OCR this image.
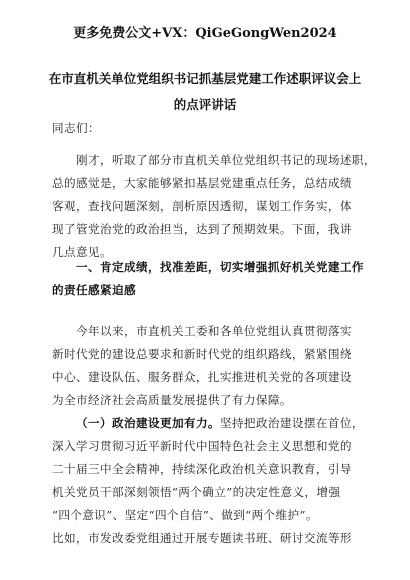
更多免费公文+VX：QiGeGongWen2024
在市直机关单位党组织书记抓基层党建工作述职评议会上
的点评讲话
同志们：
刚才，听取了部分市直机关单位党组织书记的现场述职，
总的感觉是，大家能够紧扣基层党建重点任务，总结成绩
客观，查找问题深刻，剖析原因透彻，谋划工作务实，体
现了管党治党的政治担当，达到了预期效果。下面，我讲
几点意见。
一、肯定成绩，找准差距，切实增强抓好机关党建工作
的责任感紧迫感
今年以来，市直机关工委和各单位党组认真贯彻落实
新时代党的建设总要求和新时代党的组织路线，紧紧围绕
中心、建设队伍、服务群众，扎实推进机关党的各项建设
为全市经济社会高质量发展提供了有力保障。
（一）政治建设更加有力。坚持把政治建设摆在首位，
深入学习贯彻习近平新时代中国特色社会主义思想和党的
二十届三中全会精神，持续深化政治机关意识教育，引导
机关党员干部深刻领悟“两个确立”的决定性意义，增强
“四个意识”、坚定“四个自信”、做到“两个维护”。
比如，市发改委党组通过开展专题读书班、研讨交流等形
